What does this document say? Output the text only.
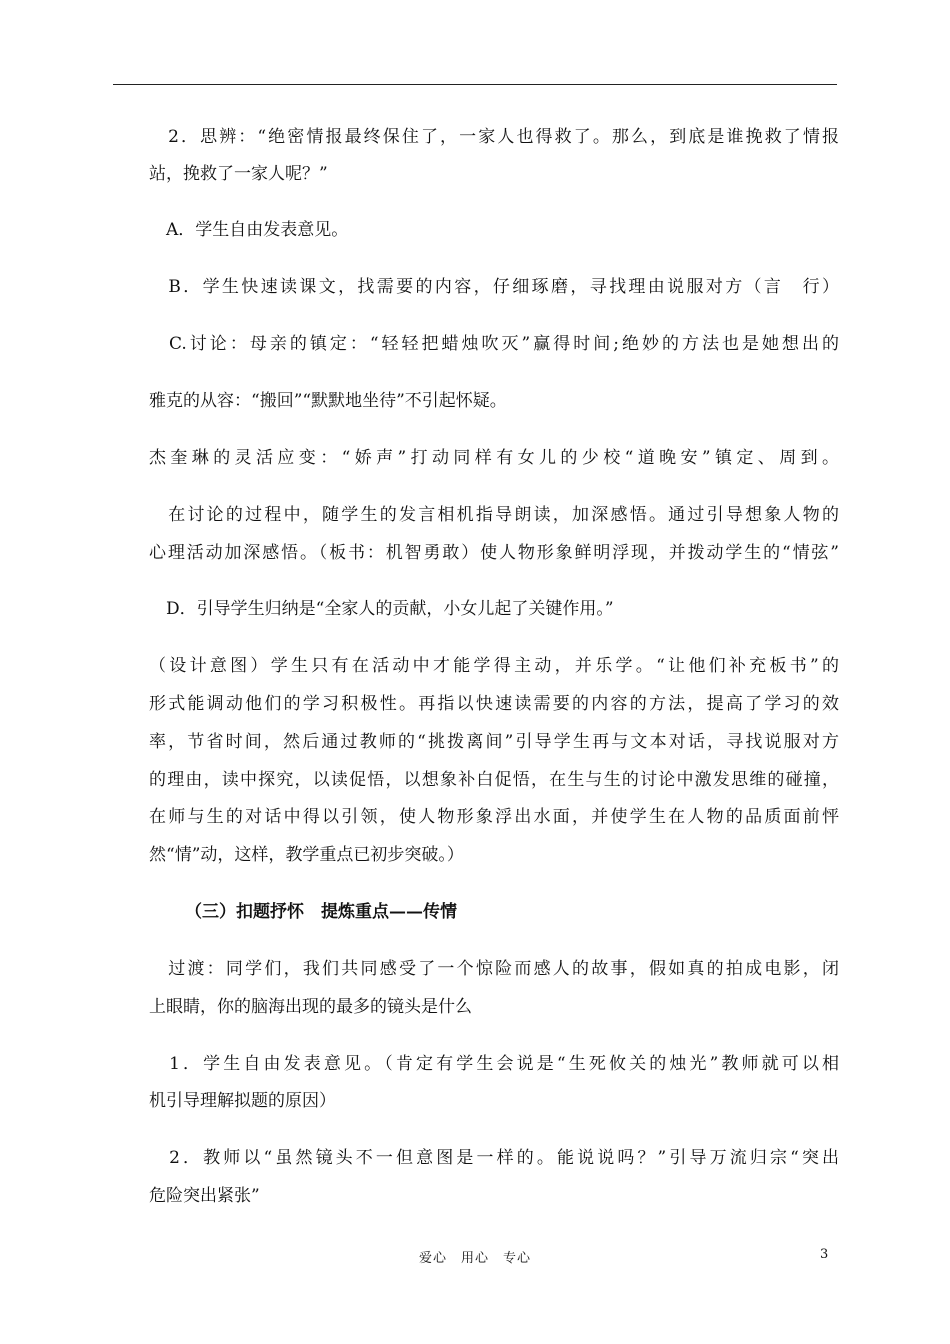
　2．思辨：“绝密情报最终保住了，一家人也得救了。那么，到底是谁挽救了情报
站，挽救了一家人呢？”
　A．学生自由发表意见。
　B．学生快速读课文，找需要的内容，仔细琢磨，寻找理由说服对方（言　行）
　C.讨论：母亲的镇定：“轻轻把蜡烛吹灭”赢得时间;绝妙的方法也是她想出的
雅克的从容：“搬回”“默默地坐待”不引起怀疑。
杰奎琳的灵活应变：“娇声”打动同样有女儿的少校“道晚安”镇定、周到。
　在讨论的过程中，随学生的发言相机指导朗读，加深感悟。通过引导想象人物的
心理活动加深感悟。（板书：机智勇敢）使人物形象鲜明浮现，并拨动学生的“情弦”
　D．引导学生归纳是“全家人的贡献，小女儿起了关键作用。”
（设计意图）学生只有在活动中才能学得主动，并乐学。“让他们补充板书”的
形式能调动他们的学习积极性。再指以快速读需要的内容的方法，提高了学习的效
率，节省时间，然后通过教师的“挑拨离间”引导学生再与文本对话，寻找说服对方
的理由，读中探究，以读促悟，以想象补白促悟，在生与生的讨论中激发思维的碰撞，
在师与生的对话中得以引领，使人物形象浮出水面，并使学生在人物的品质面前怦
然“情”动，这样，教学重点已初步突破。）
（三）扣题抒怀　提炼重点——传情
　过渡：同学们，我们共同感受了一个惊险而感人的故事，假如真的拍成电影，闭
上眼睛，你的脑海出现的最多的镜头是什么
　1．学生自由发表意见。（肯定有学生会说是“生死攸关的烛光”教师就可以相
机引导理解拟题的原因）
　2．教师以“虽然镜头不一但意图是一样的。能说说吗？”引导万流归宗“突出
危险突出紧张”
爱心　用心　专心	3
